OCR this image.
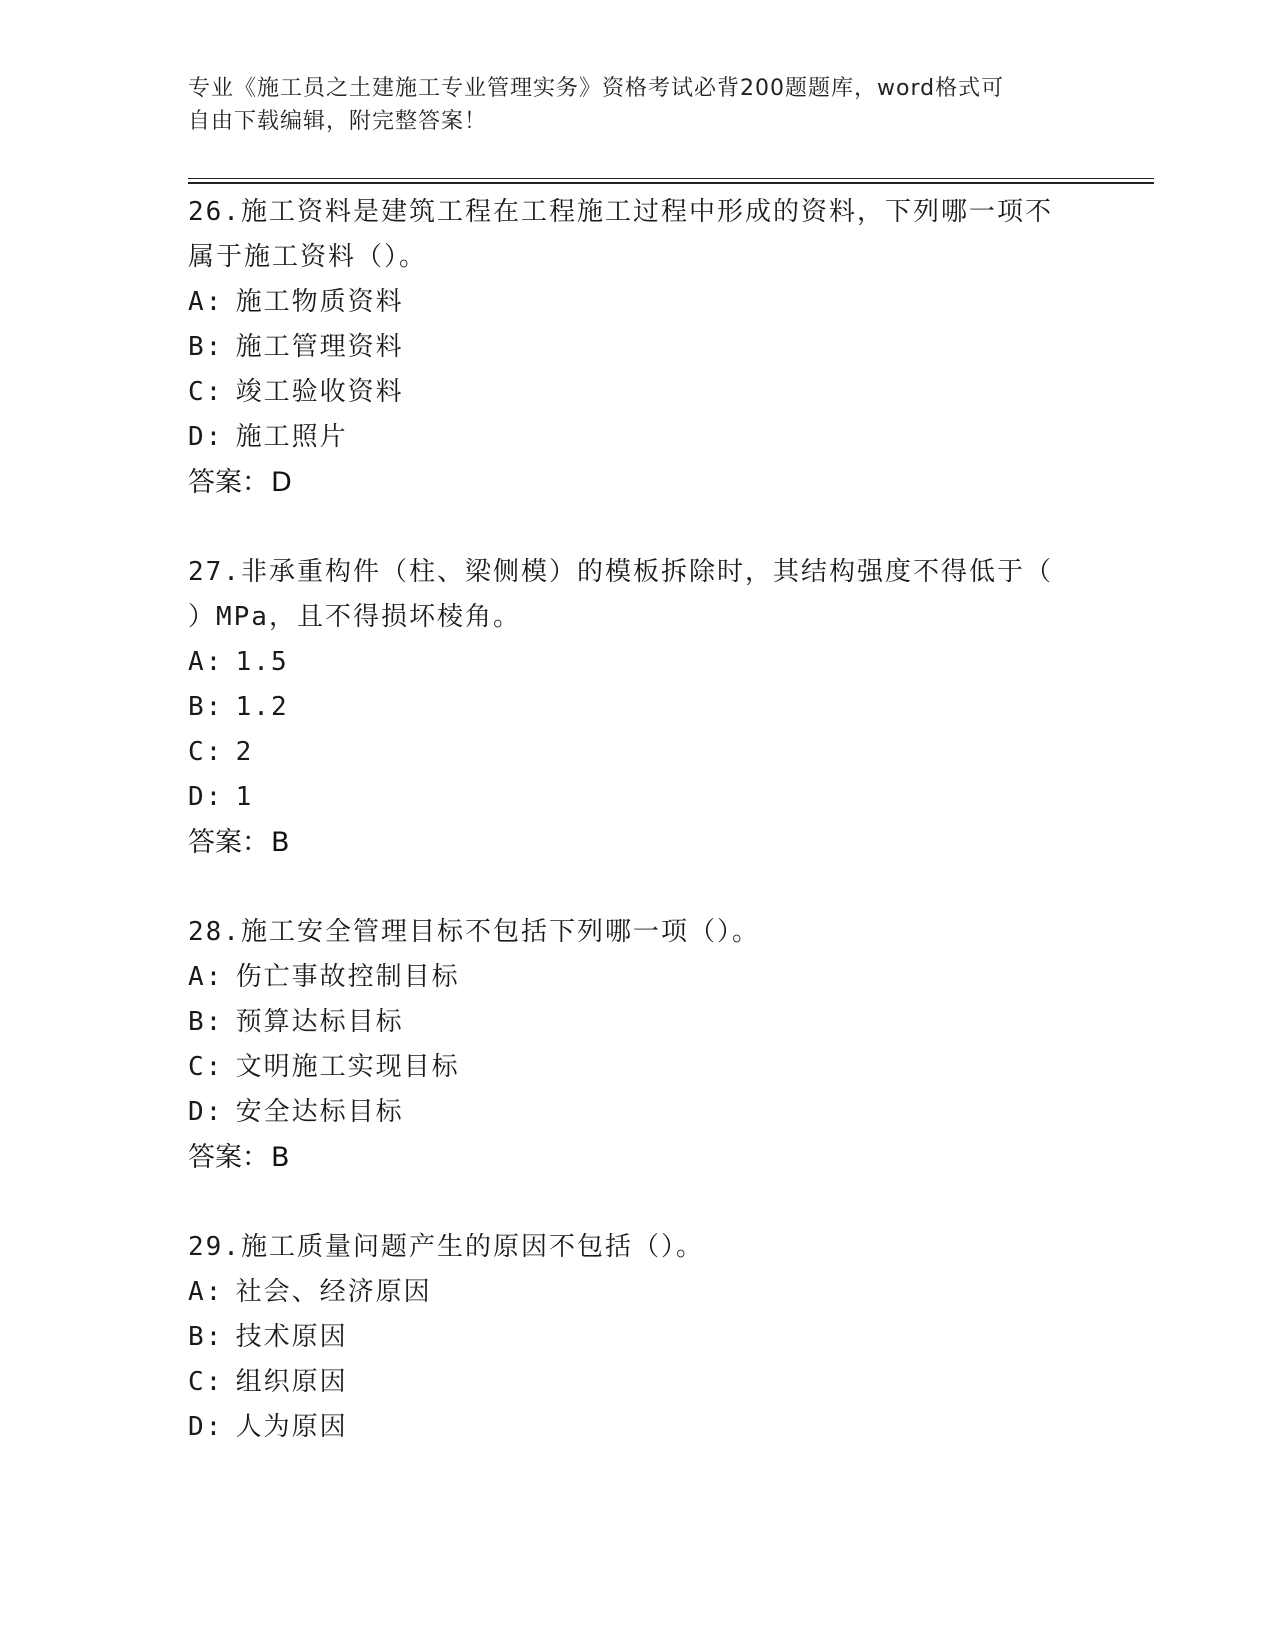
专业《施工员之土建施工专业管理实务》资格考试必背200题题库，word格式可
自由下载编辑，附完整答案！
26.施工资料是建筑工程在工程施工过程中形成的资料，下列哪一项不
属于施工资料（）。
A : 施工物质资料
B : 施工管理资料
C : 竣工验收资料
D : 施工照片
答案： D
27.非承重构件（柱、梁侧模）的模板拆除时，其结构强度不得低于（
）MPa，且不得损坏棱角。
A : 1.5
B : 1.2
C : 2
D : 1
答案： B
28.施工安全管理目标不包括下列哪一项（）。
A : 伤亡事故控制目标
B : 预算达标目标
C : 文明施工实现目标
D : 安全达标目标
答案： B
29.施工质量问题产生的原因不包括（）。
A : 社会、经济原因
B : 技术原因
C : 组织原因
D : 人为原因
